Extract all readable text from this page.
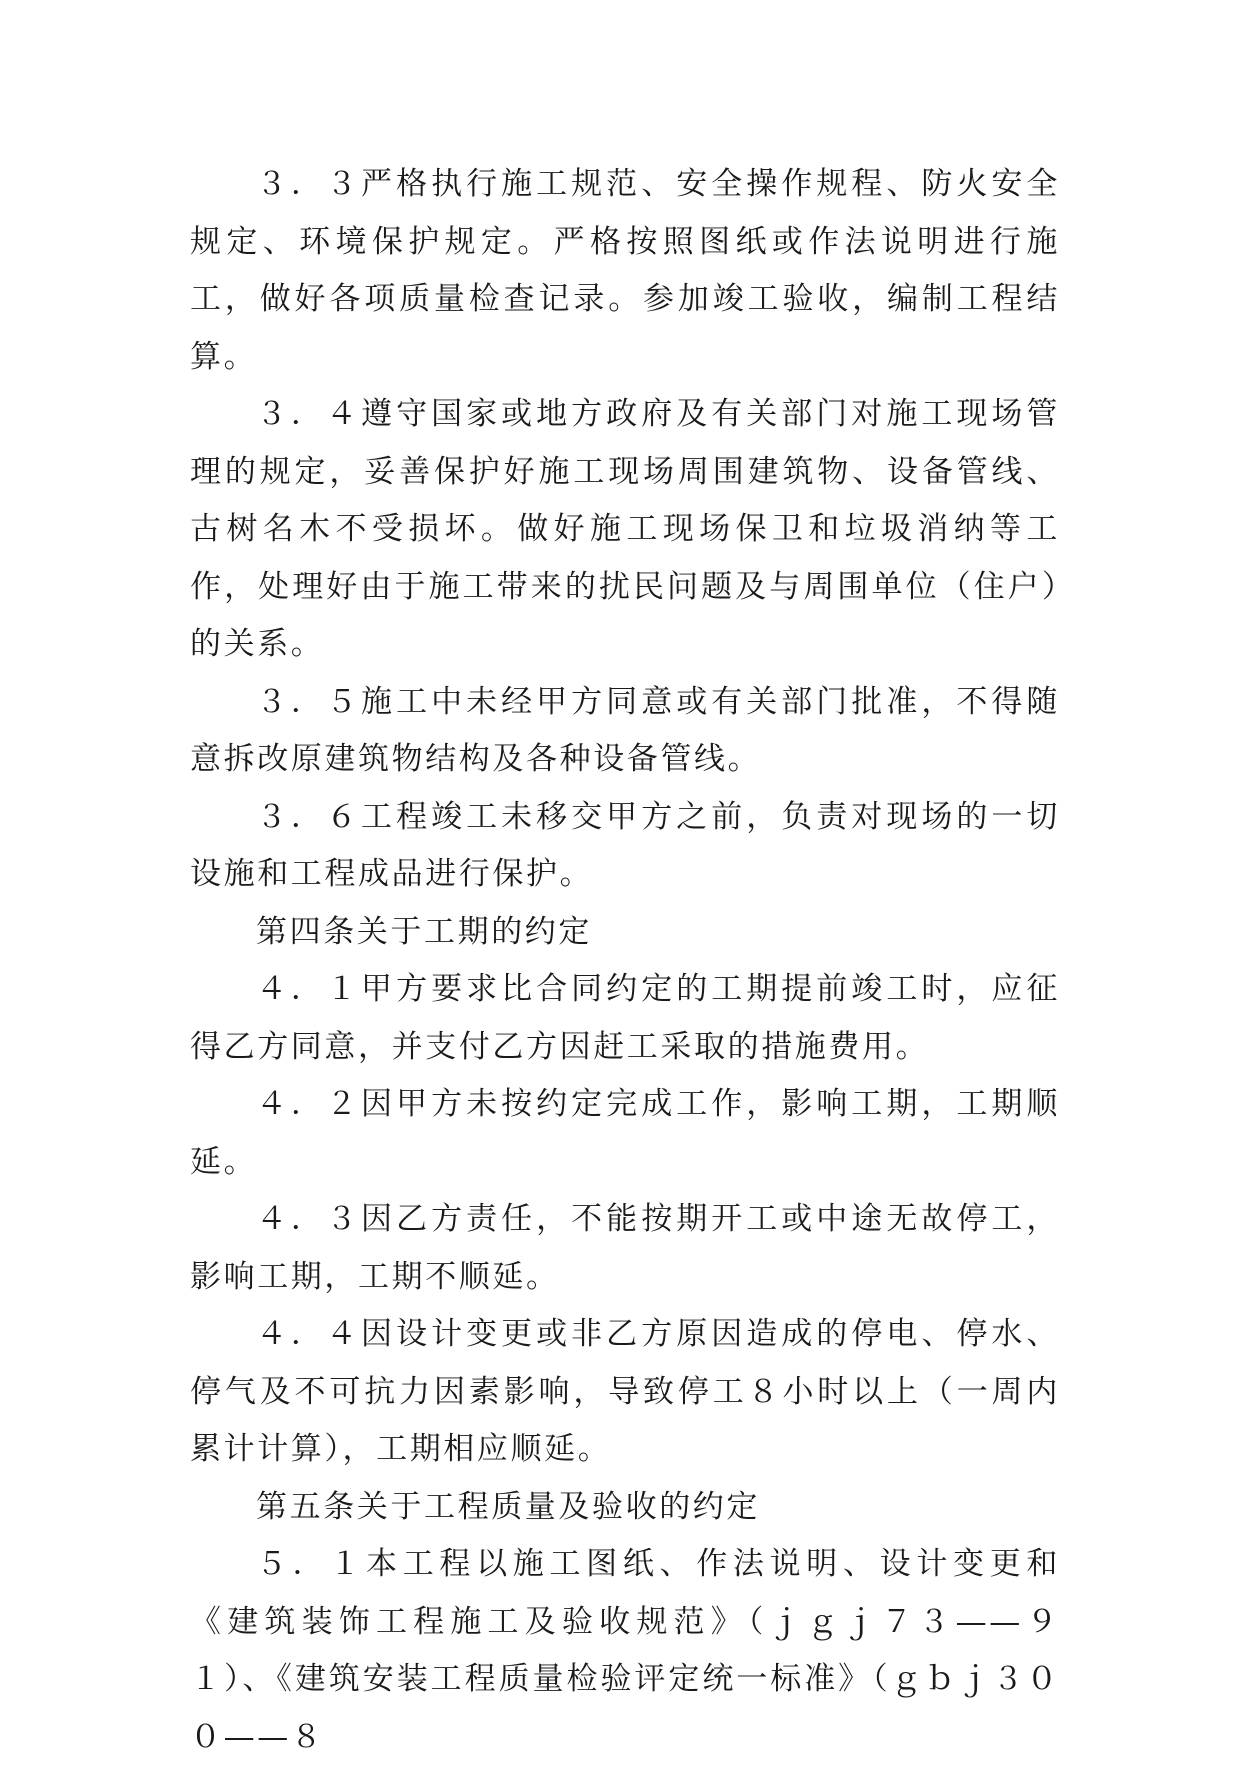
３．３严格执行施工规范、安全操作规程、防火安全规定、环境保护规定。严格按照图纸或作法说明进行施工，做好各项质量检查记录。参加竣工验收，编制工程结算。

３．４遵守国家或地方政府及有关部门对施工现场管理的规定，妥善保护好施工现场周围建筑物、设备管线、古树名木不受损坏。做好施工现场保卫和垃圾消纳等工作，处理好由于施工带来的扰民问题及与周围单位（住户）的关系。

３．５施工中未经甲方同意或有关部门批准，不得随意拆改原建筑物结构及各种设备管线。

３．６工程竣工未移交甲方之前，负责对现场的一切设施和工程成品进行保护。

第四条关于工期的约定

４．１甲方要求比合同约定的工期提前竣工时，应征得乙方同意，并支付乙方因赶工采取的措施费用。

４．２因甲方未按约定完成工作，影响工期，工期顺延。

４．３因乙方责任，不能按期开工或中途无故停工，影响工期，工期不顺延。

４．４因设计变更或非乙方原因造成的停电、停水、停气及不可抗力因素影响，导致停工８小时以上（一周内累计计算），工期相应顺延。

第五条关于工程质量及验收的约定

５．１本工程以施工图纸、作法说明、设计变更和《建筑装饰工程施工及验收规范》（ｊｇｊ７３——９１）、《建筑安装工程质量检验评定统一标准》（ｇｂｊ３００——８
